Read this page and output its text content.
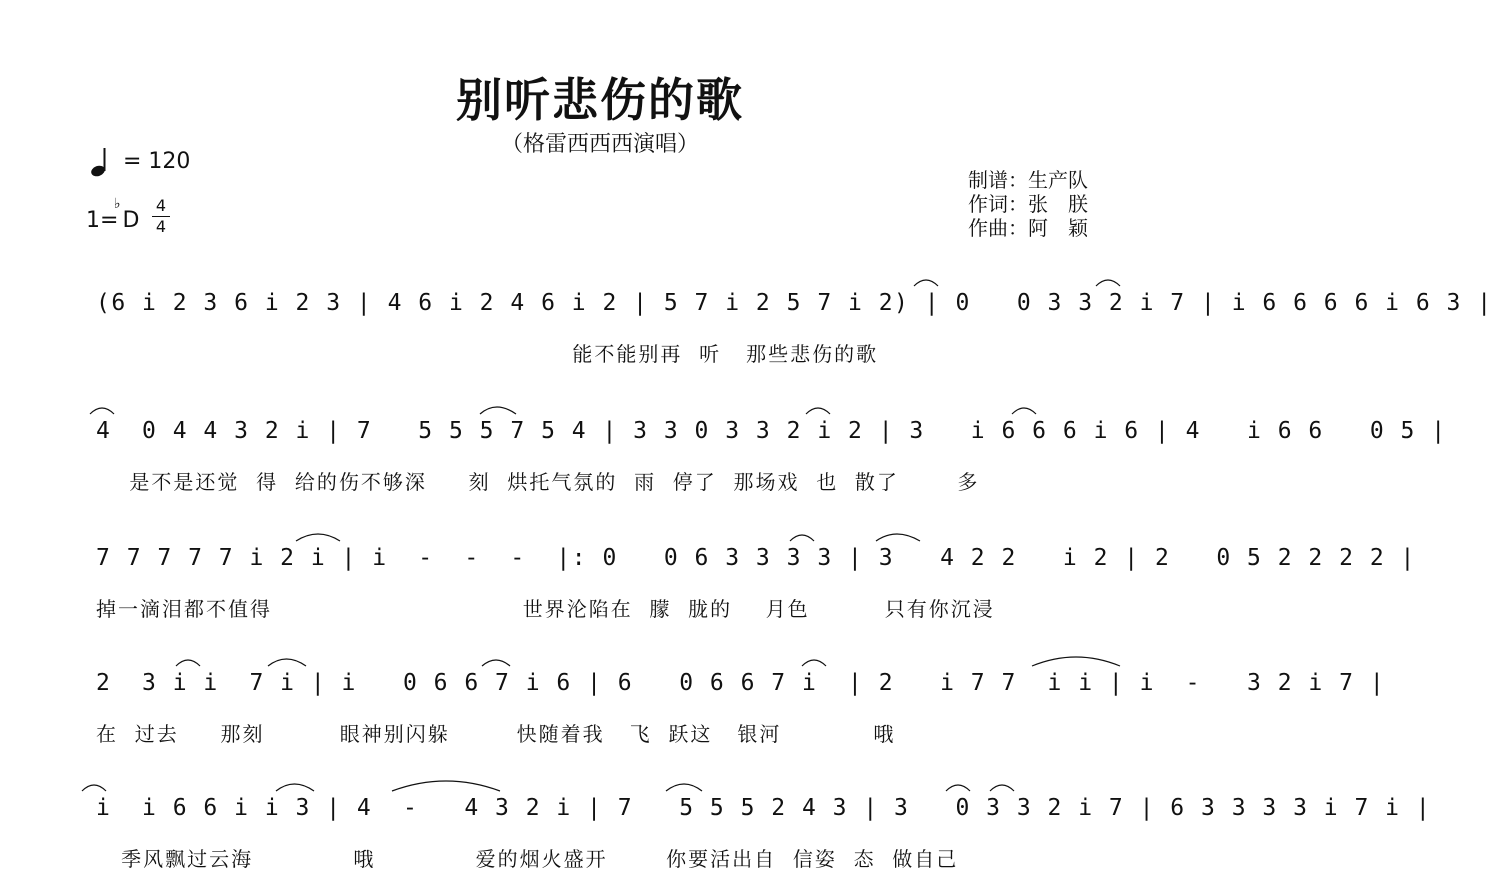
别听悲伤的歌
（格雷西西西演唱）
= 120
1=
♭
D
4
4
制谱：生产队
作词：张　朕
作曲：阿　颖
(6 i 2 3 6 i 2 3 | 4 6 i 2 4 6 i 2 | 5 7 i 2 5 7 i 2) | 0   0 3 3 2 i 7 | i 6 6 6 6 i 6 3 |
能不能别再  听   那些悲伤的歌
4  0 4 4 3 2 i | 7   5 5 5 7 5 4 | 3 3 0 3 3 2 i 2 | 3   i 6 6 6 i 6 | 4   i 6 6   0 5 |
是不是还觉  得  给的伤不够深     刻  烘托气氛的  雨  停了  那场戏  也  散了       多
7 7 7 7 7 i 2 i | i  -  -  -  |: 0   0 6 3 3 3 3 | 3   4 2 2   i 2 | 2   0 5 2 2 2 2 |
掉一滴泪都不值得                              世界沦陷在  朦  胧的    月色         只有你沉浸
2  3 i i  7 i | i   0 6 6 7 i 6 | 6   0 6 6 7 i  | 2   i 7 7  i i | i  -   3 2 i 7 |
在  过去     那刻         眼神别闪躲        快随着我   飞  跃这   银河           哦
i  i 6 6 i i 3 | 4  -   4 3 2 i | 7   5 5 5 2 4 3 | 3   0 3 3 2 i 7 | 6 3 3 3 3 i 7 i |
季风飘过云海            哦            爱的烟火盛开       你要活出自  信姿  态  做自己
